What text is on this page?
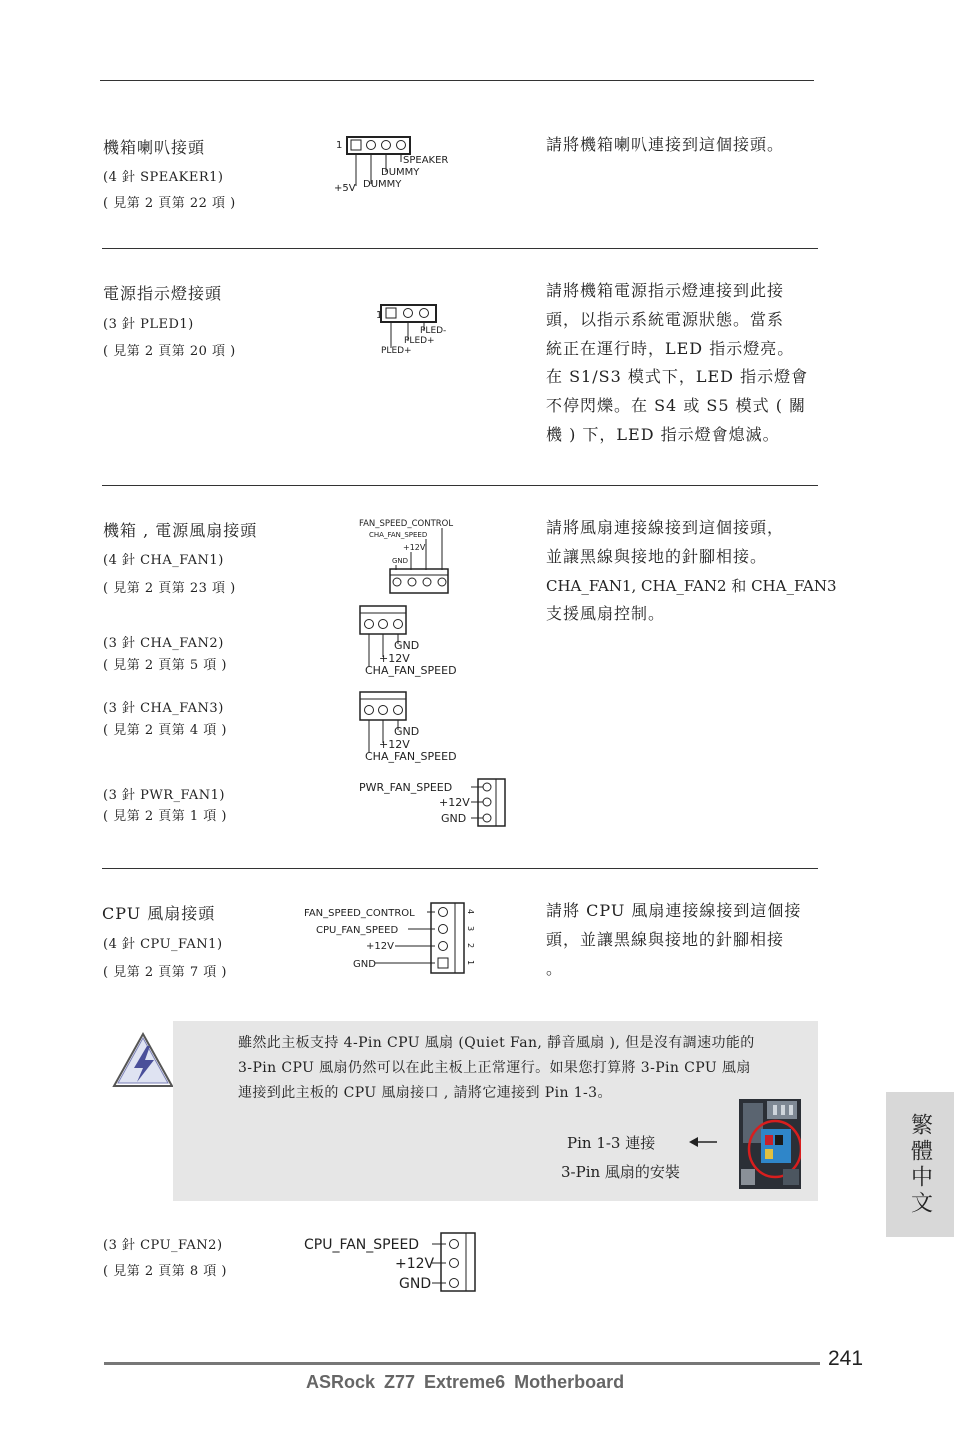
機箱喇叭接頭
(4 針 SPEAKER1)
( 見第 2 頁第 22 項 )
1
SPEAKER
DUMMY
DUMMY
+5V
請將機箱喇叭連接到這個接頭。
電源指示燈接頭
(3 針 PLED1)
( 見第 2 頁第 20 項 )
1
PLED-
PLED+
PLED+
請將機箱電源指示燈連接到此接
頭，以指示系統電源狀態。當系
統正在運行時，LED 指示燈亮。
在 S1/S3 模式下，LED 指示燈會
不停閃爍。在 S4 或 S5 模式 ( 關
機 ) 下，LED 指示燈會熄滅。
機箱 , 電源風扇接頭
(4 針 CHA_FAN1)
( 見第 2 頁第 23 項 )
(3 針 CHA_FAN2)
( 見第 2 頁第 5 項 )
(3 針 CHA_FAN3)
( 見第 2 頁第 4 項 )
(3 針 PWR_FAN1)
( 見第 2 頁第 1 項 )
FAN_SPEED_CONTROL
CHA_FAN_SPEED
+12V
GND
GND
+12V
CHA_FAN_SPEED
GND
+12V
CHA_FAN_SPEED
PWR_FAN_SPEED
+12V
GND
請將風扇連接線接到這個接頭，
並讓黑線與接地的針腳相接。
CHA_FAN1, CHA_FAN2 和 CHA_FAN3
支援風扇控制。
CPU 風扇接頭
(4 針 CPU_FAN1)
( 見第 2 頁第 7 項 )
FAN_SPEED_CONTROL
CPU_FAN_SPEED
+12V
GND
4
3
2
1
請將 CPU 風扇連接線接到這個接
頭，並讓黑線與接地的針腳相接
。
雖然此主板支持 4-Pin CPU 風扇 (Quiet Fan, 靜音風扇 ), 但是沒有調速功能的
3-Pin CPU 風扇仍然可以在此主板上正常運行。如果您打算將 3-Pin CPU 風扇
連接到此主板的 CPU 風扇接口 , 請將它連接到 Pin 1-3。
Pin 1-3 連接
3-Pin 風扇的安裝
(3 針 CPU_FAN2)
( 見第 2 頁第 8 項 )
CPU_FAN_SPEED
+12V
GND
繁體中文
241
ASRock Z77 Extreme6 Motherboard
